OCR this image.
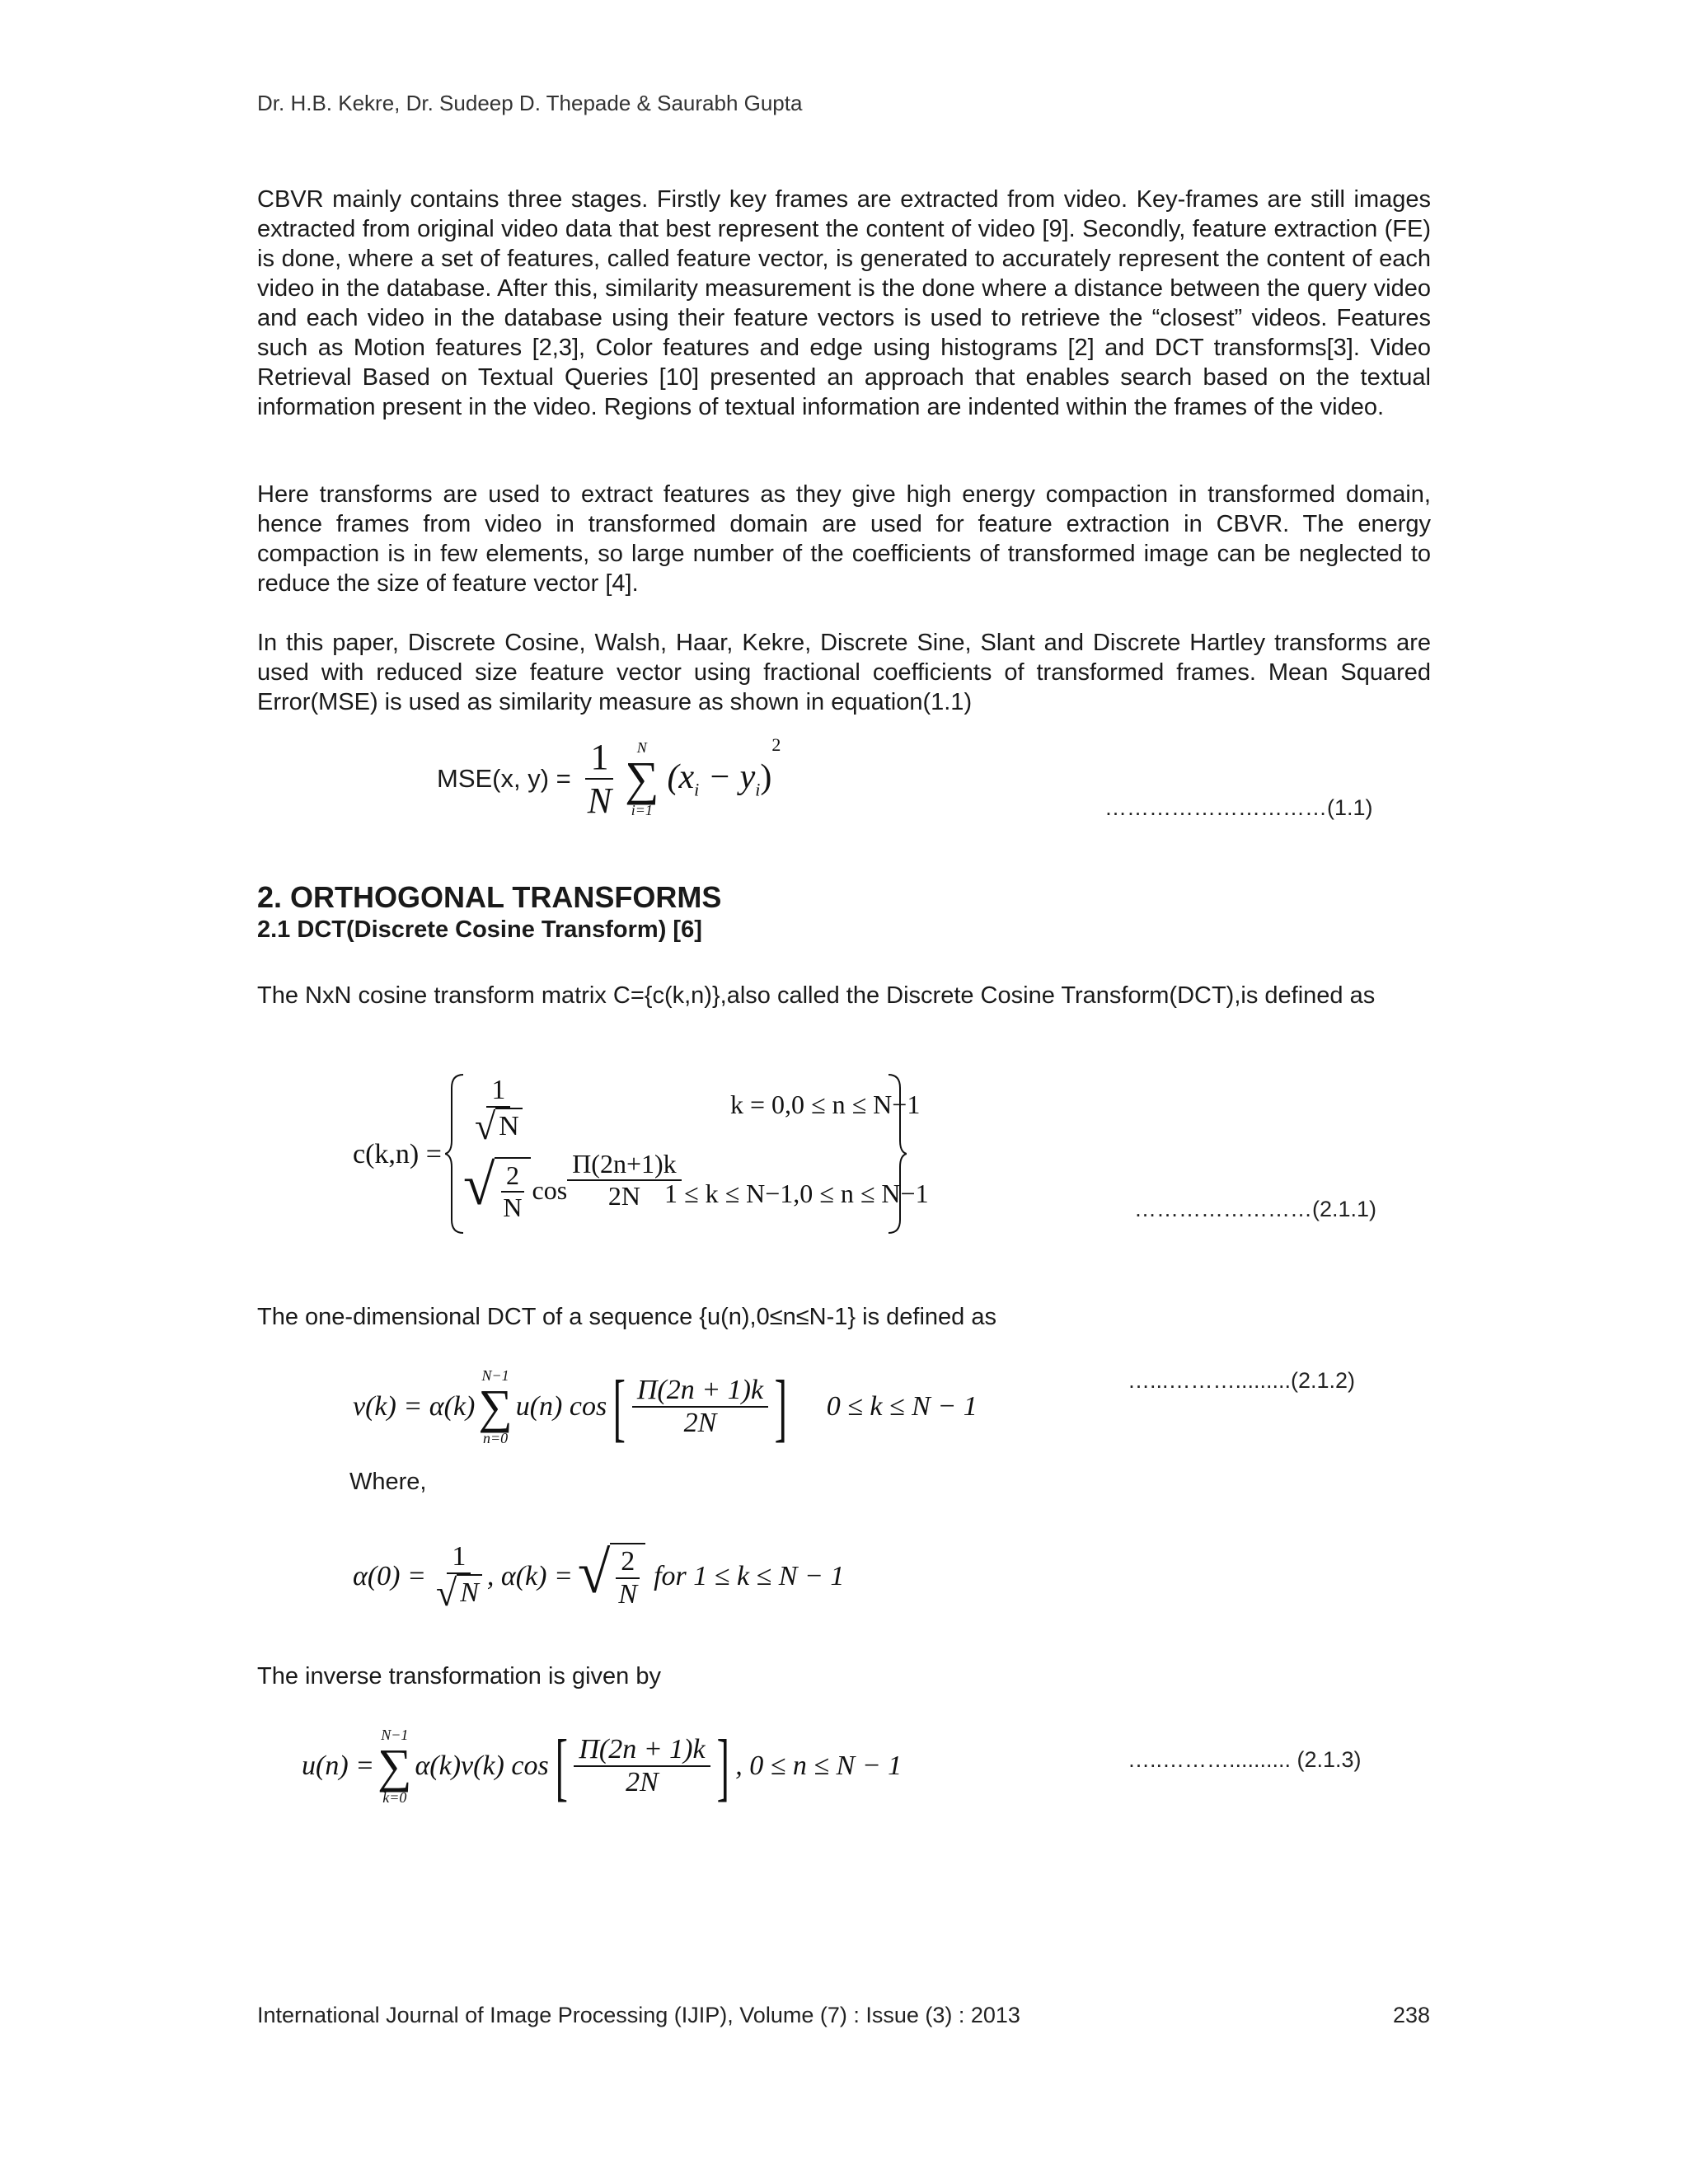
Dr. H.B. Kekre, Dr. Sudeep D. Thepade & Saurabh Gupta

CBVR mainly contains three stages. Firstly key frames are extracted from video. Key-frames are still images extracted from original video data that best represent the content of video [9]. Secondly, feature extraction (FE) is done, where a set of features, called feature vector, is generated to accurately represent the content of each video in the database. After this, similarity measurement is the done where a distance between the query video and each video in the database using their feature vectors is used to retrieve the “closest” videos. Features such as Motion features [2,3], Color features and edge using histograms [2] and DCT transforms[3]. Video Retrieval Based on Textual Queries [10] presented an approach that enables search based on the textual information present in the video. Regions of textual information are indented within the frames of the video.

Here transforms are used to extract features as they give high energy compaction in transformed domain, hence frames from video in transformed domain are used for feature extraction in CBVR. The energy compaction is in few elements, so large number of the coefficients of transformed image can be neglected to reduce the size of feature vector [4].

In this paper, Discrete Cosine, Walsh, Haar, Kekre, Discrete Sine, Slant and Discrete Hartley transforms are used with reduced size feature vector using fractional coefficients of transformed frames. Mean Squared Error(MSE) is used as similarity measure as shown in equation(1.1)

MSE(x, $y) = \frac{1}{N}$ N
∑
i=1
$(x_i - y_i)^2$
…………………………(1.1)
2. ORTHOGONAL TRANSFORMS
2.1 DCT(Discrete Cosine Transform) [6]

The NxN cosine transform matrix C={c(k,n)},also called the Discrete Cosine Transform(DCT),is defined as

c(k,n) =
$\frac{1}{√ N}$	k = 0,0 ≤ n ≤ N−1
√ $\frac{2}{N}$ $\cos \frac{\Pi(2n+1)k}{2N}$
1 ≤ k ≤ N−1,0 ≤ n ≤ N−1
……………………(2.1.1)

The one-dimensional DCT of a sequence {u(n),0≤n≤N-1} is defined as

v(k) = α(k)
N−1
∑
n=0
u(n) cos [ $\frac{\Pi(2n + 1)k}{2N}$ ] 0 ≤ k ≤ N − 1
…...……….........(2.1.2)
Where,
$\alpha(0) = \frac{1}{√ N}$ , α(k) = √ $\frac{2}{N}$ for 1 ≤ k ≤ N − 1

The inverse transformation is given by

u(n) =
N−1
∑
k=0
α(k)v(k) cos [ $\frac{\Pi(2n + 1)k}{2N}$ ] , 0 ≤ n ≤ N − 1	…..……….......... (2.1.3)
International Journal of Image Processing (IJIP), Volume (7) : Issue (3) : 2013	238
